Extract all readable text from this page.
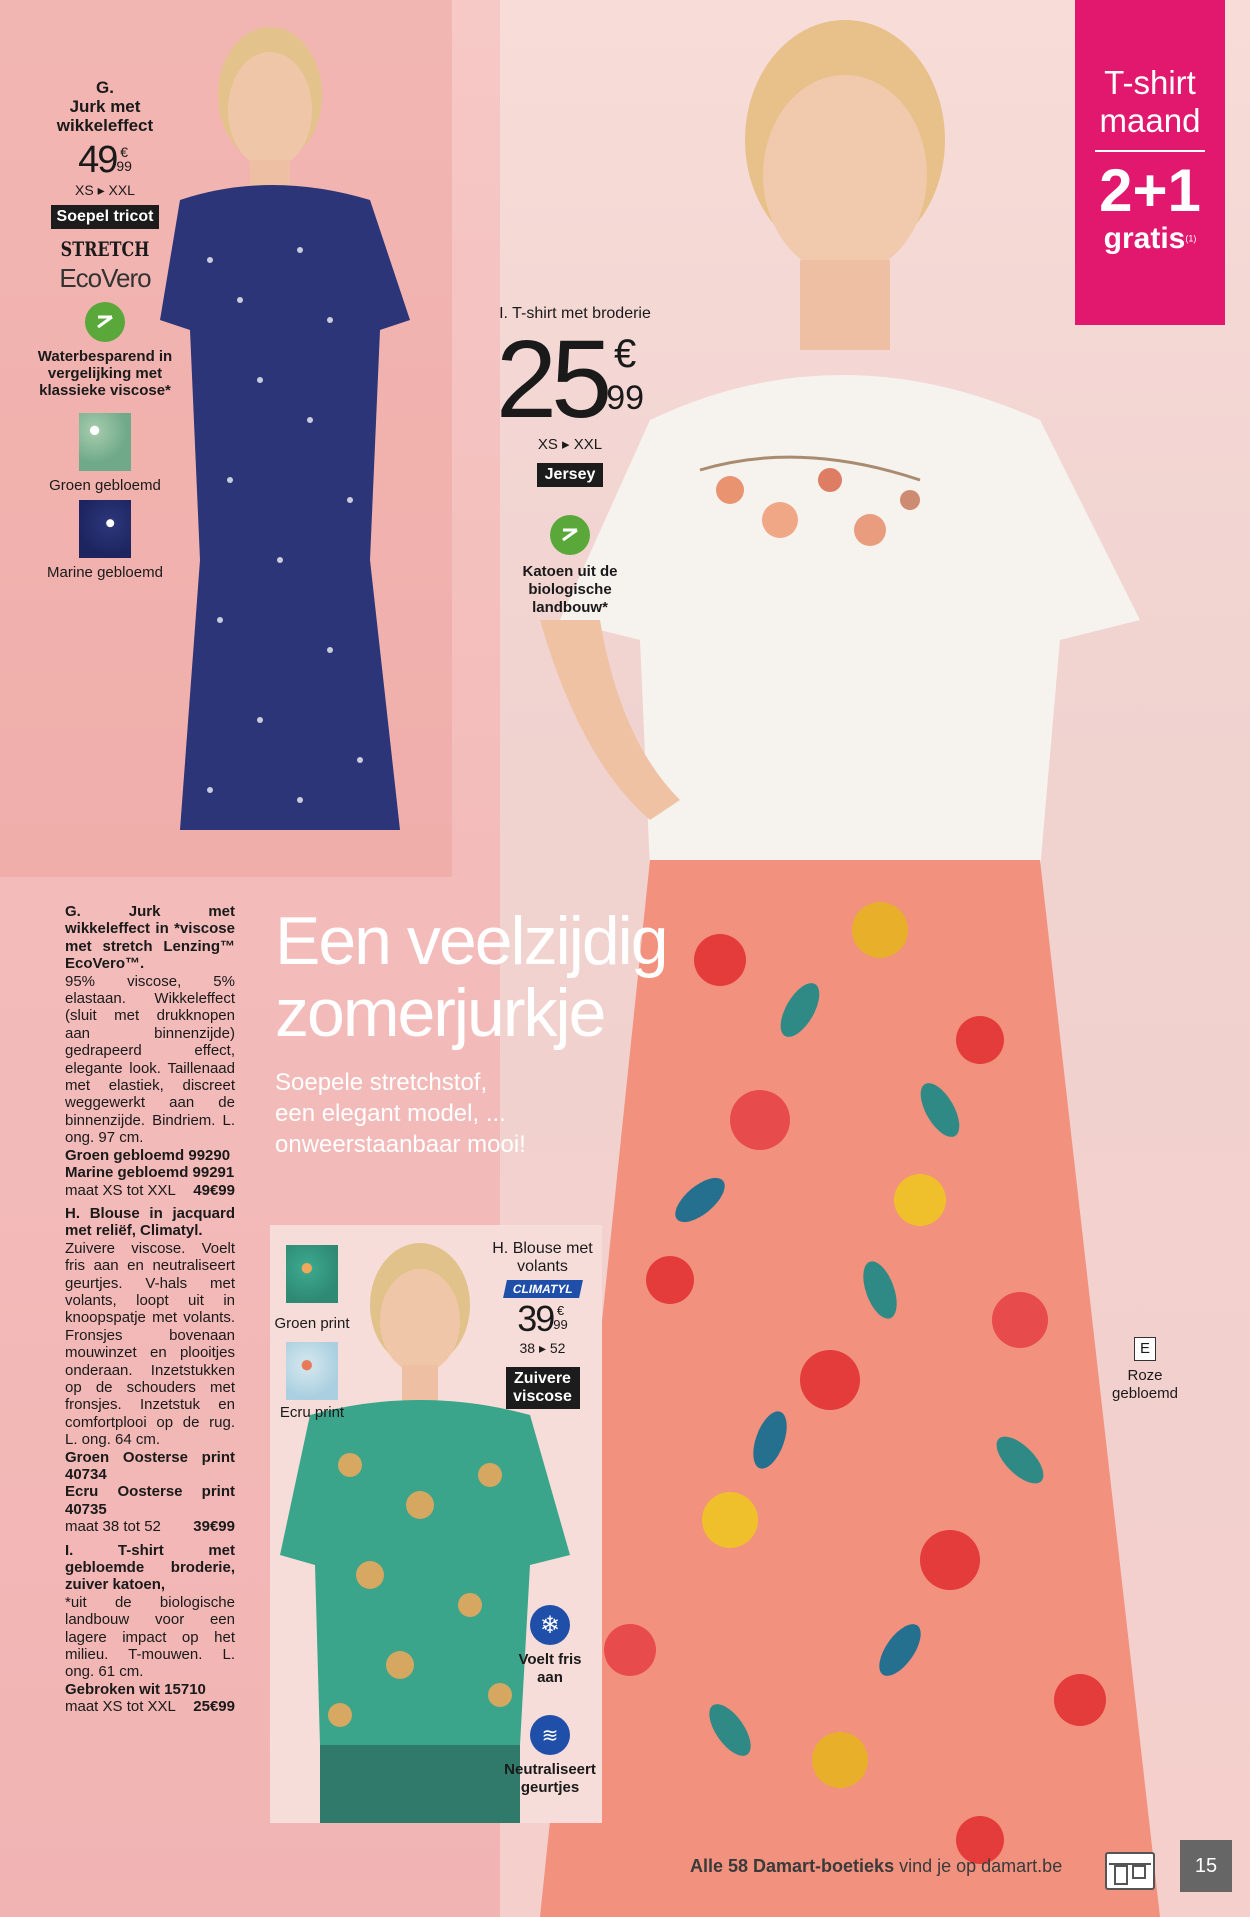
G.
Jurk met wikkeleffect
49 €
99
XS ▸ XXL
Soepel tricot
STRETCH
EcoVero
Waterbesparend in vergelijking met klassieke viscose*
Groen gebloemd
Marine gebloemd
T-shirt
maand
2+1
gratis$^{(1)}$
I. T-shirt met broderie
25 €
99
XS ▸ XXL
Jersey
Katoen uit de biologische landbouw*
Een veelzijdig
zomerjurkje
Soepele stretchstof,
een elegant model, ...
onweerstaanbaar mooi!

G. Jurk met wikkeleffect in *viscose met stretch Lenzing™ EcoVero™.

95% viscose, 5% elastaan. Wikkeleffect (sluit met drukknopen aan binnenzijde) gedrapeerd effect, elegante look. Taillenaad met elastiek, discreet weggewerkt aan de binnenzijde. Bindriem. L. ong. 97 cm.

Groen gebloemd 99290

Marine gebloemd 99291

maat XS tot XXL 49€99

H. Blouse in jacquard met reliëf, Climatyl.

Zuivere viscose. Voelt fris aan en neutraliseert geurtjes. V-hals met volants, loopt uit in knoopspatje met volants. Fronsjes bovenaan mouwinzet en plooitjes onderaan. Inzetstukken op de schouders met fronsjes. Inzetstuk en comfortplooi op de rug. L. ong. 64 cm.

Groen Oosterse print 40734

Ecru Oosterse print 40735

maat 38 tot 52 39€99

I. T-shirt met gebloemde broderie, zuiver katoen,

*uit de biologische landbouw voor een lagere impact op het milieu. T-mouwen. L. ong. 61 cm.

Gebroken wit 15710

maat XS tot XXL 25€99

Groen print
Ecru print
H. Blouse met volants
CLIMATYL
39 €
99
38 ▸ 52
Zuivere viscose
❄
Voelt fris aan
≋
Neutraliseert geurtjes
E
Roze gebloemd
Alle 58 Damart-boetieks vind je op damart.be	15
